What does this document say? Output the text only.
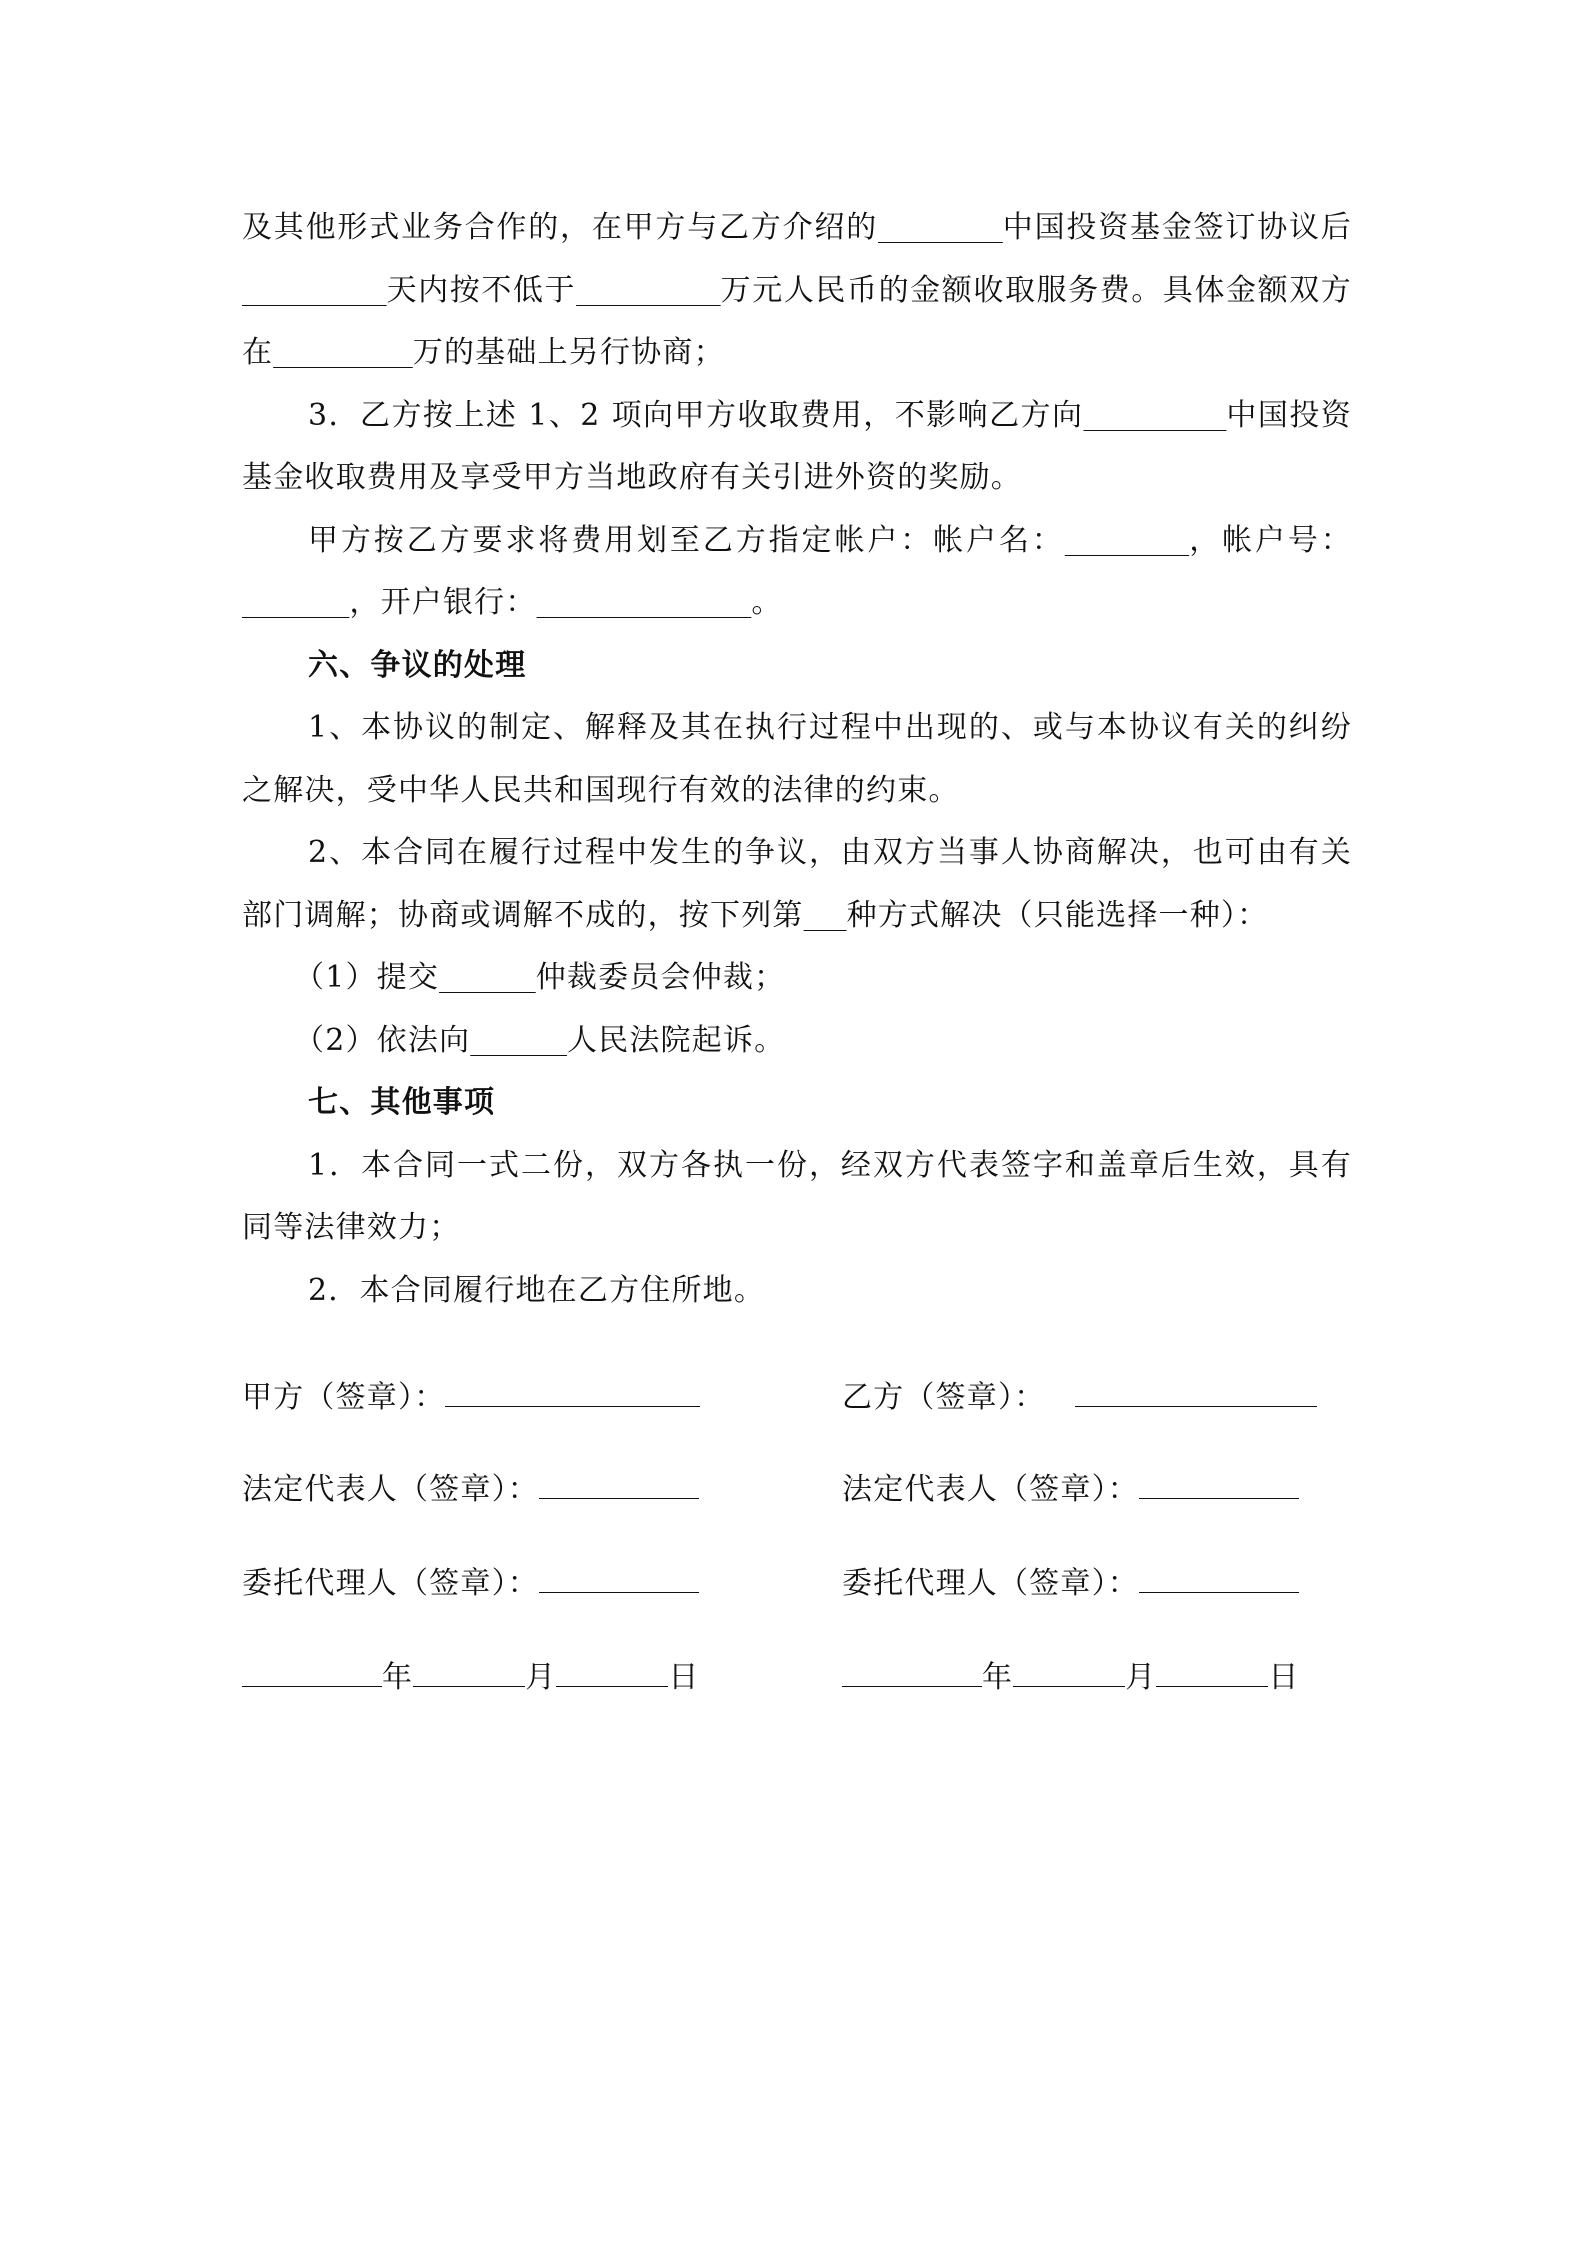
及其他形式业务合作的，在甲方与乙方介绍的	中国投资基金签订协议后             天内按不低于	万元人民币的金额收取服务费。具体金额双方在	万的基础上另行协商；

3．乙方按上述 1、2 项向甲方收取费用，不影响乙方向	中国投资基金收取费用及享受甲方当地政府有关引进外资的奖励。

甲方按乙方要求将费用划至乙方指定帐户：帐户名：	，帐户号：          ，开户银行：	。

六、争议的处理

1、本协议的制定、解释及其在执行过程中出现的、或与本协议有关的纠纷之解决，受中华人民共和国现行有效的法律的约束。

2、本合同在履行过程中发生的争议，由双方当事人协商解决，也可由有关部门调解；协商或调解不成的，按下列第 种方式解决（只能选择一种）：

（1）提交	仲裁委员会仲裁；

（2）依法向	人民法院起诉。

七、其他事项

1．本合同一式二份，双方各执一份，经双方代表签字和盖章后生效，具有同等法律效力；

2．本合同履行地在乙方住所地。

甲方（签章）：	乙方（签章）：
法定代表人（签章）：	法定代表人（签章）：
委托代理人（签章）：	委托代理人（签章）：
年	月	日	年	月	日
